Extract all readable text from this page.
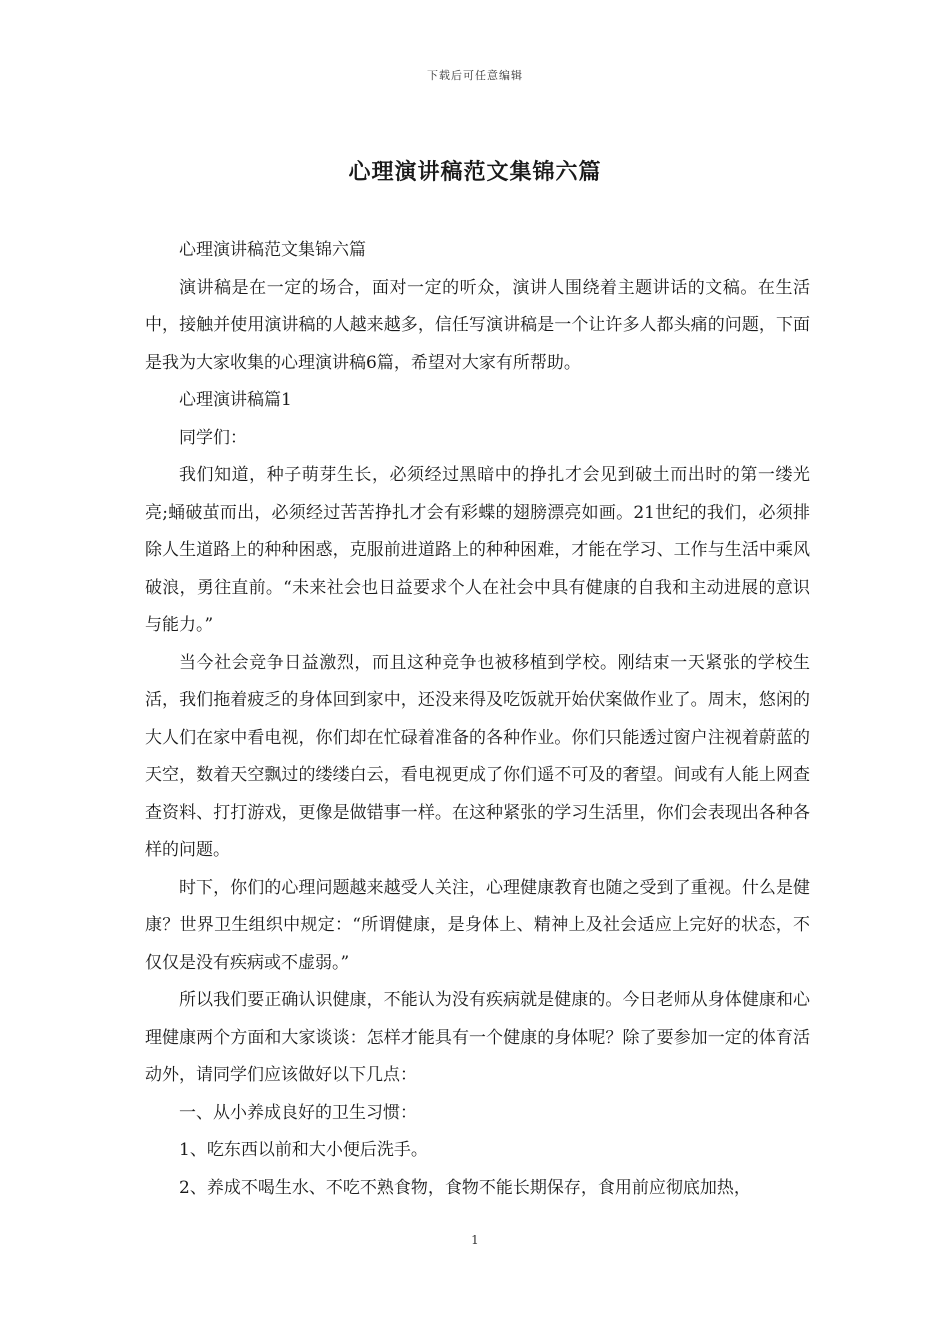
下载后可任意编辑
心理演讲稿范文集锦六篇

心理演讲稿范文集锦六篇

演讲稿是在一定的场合，面对一定的听众，演讲人围绕着主题讲话的文稿。在生活中，接触并使用演讲稿的人越来越多，信任写演讲稿是一个让许多人都头痛的问题，下面是我为大家收集的心理演讲稿6篇，希望对大家有所帮助。

心理演讲稿篇1

同学们：

我们知道，种子萌芽生长，必须经过黑暗中的挣扎才会见到破土而出时的第一缕光亮;蛹破茧而出，必须经过苦苦挣扎才会有彩蝶的翅膀漂亮如画。21世纪的我们，必须排除人生道路上的种种困惑，克服前进道路上的种种困难，才能在学习、工作与生活中乘风破浪，勇往直前。“未来社会也日益要求个人在社会中具有健康的自我和主动进展的意识与能力。”

当今社会竞争日益激烈，而且这种竞争也被移植到学校。刚结束一天紧张的学校生活，我们拖着疲乏的身体回到家中，还没来得及吃饭就开始伏案做作业了。周末，悠闲的大人们在家中看电视，你们却在忙碌着准备的各种作业。你们只能透过窗户注视着蔚蓝的天空，数着天空飘过的缕缕白云，看电视更成了你们遥不可及的奢望。间或有人能上网查查资料、打打游戏，更像是做错事一样。在这种紧张的学习生活里，你们会表现出各种各样的问题。

时下，你们的心理问题越来越受人关注，心理健康教育也随之受到了重视。什么是健康？世界卫生组织中规定：“所谓健康，是身体上、精神上及社会适应上完好的状态，不仅仅是没有疾病或不虚弱。”

所以我们要正确认识健康，不能认为没有疾病就是健康的。今日老师从身体健康和心理健康两个方面和大家谈谈：怎样才能具有一个健康的身体呢？除了要参加一定的体育活动外，请同学们应该做好以下几点：

一、从小养成良好的卫生习惯：

1、吃东西以前和大小便后洗手。

2、养成不喝生水、不吃不熟食物，食物不能长期保存，食用前应彻底加热，

1
